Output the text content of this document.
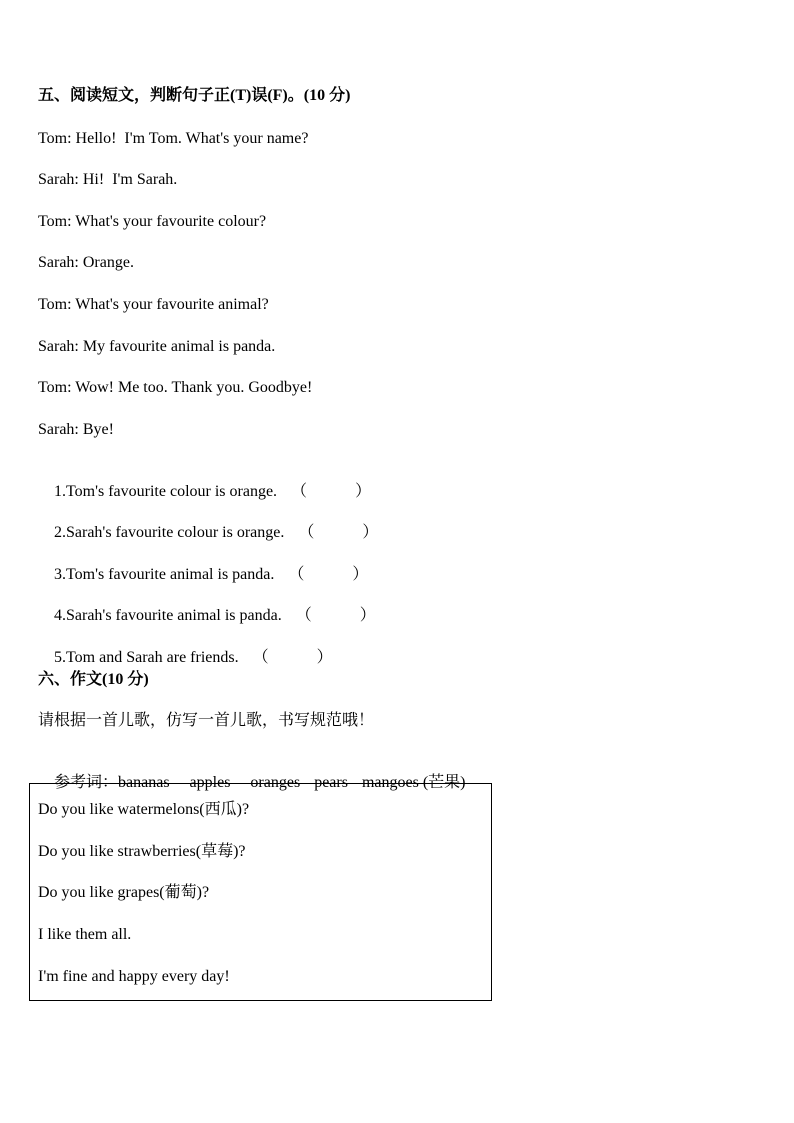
五、阅读短文，判断句子正(T)误(F)。(10 分)
Tom: Hello!  I'm Tom. What's your name?
Sarah: Hi!  I'm Sarah.
Tom: What's your favourite colour?
Sarah: Orange.
Tom: What's your favourite animal?
Sarah: My favourite animal is panda.
Tom: Wow! Me too. Thank you. Goodbye!
Sarah: Bye!

1.Tom's favourite colour is orange. （	）

2.Sarah's favourite colour is orange. （	）

3.Tom's favourite animal is panda. （	）

4.Sarah's favourite animal is panda. （	）

5.Tom and Sarah are friends. （	）

六、作文(10 分)
请根据一首儿歌，仿写一首儿歌，书写规范哦！

参考词：bananas apples oranges pears mangoes (芒果)

Do you like watermelons(西瓜)?
Do you like strawberries(草莓)?
Do you like grapes(葡萄)?
I like them all.
I'm fine and happy every day!
